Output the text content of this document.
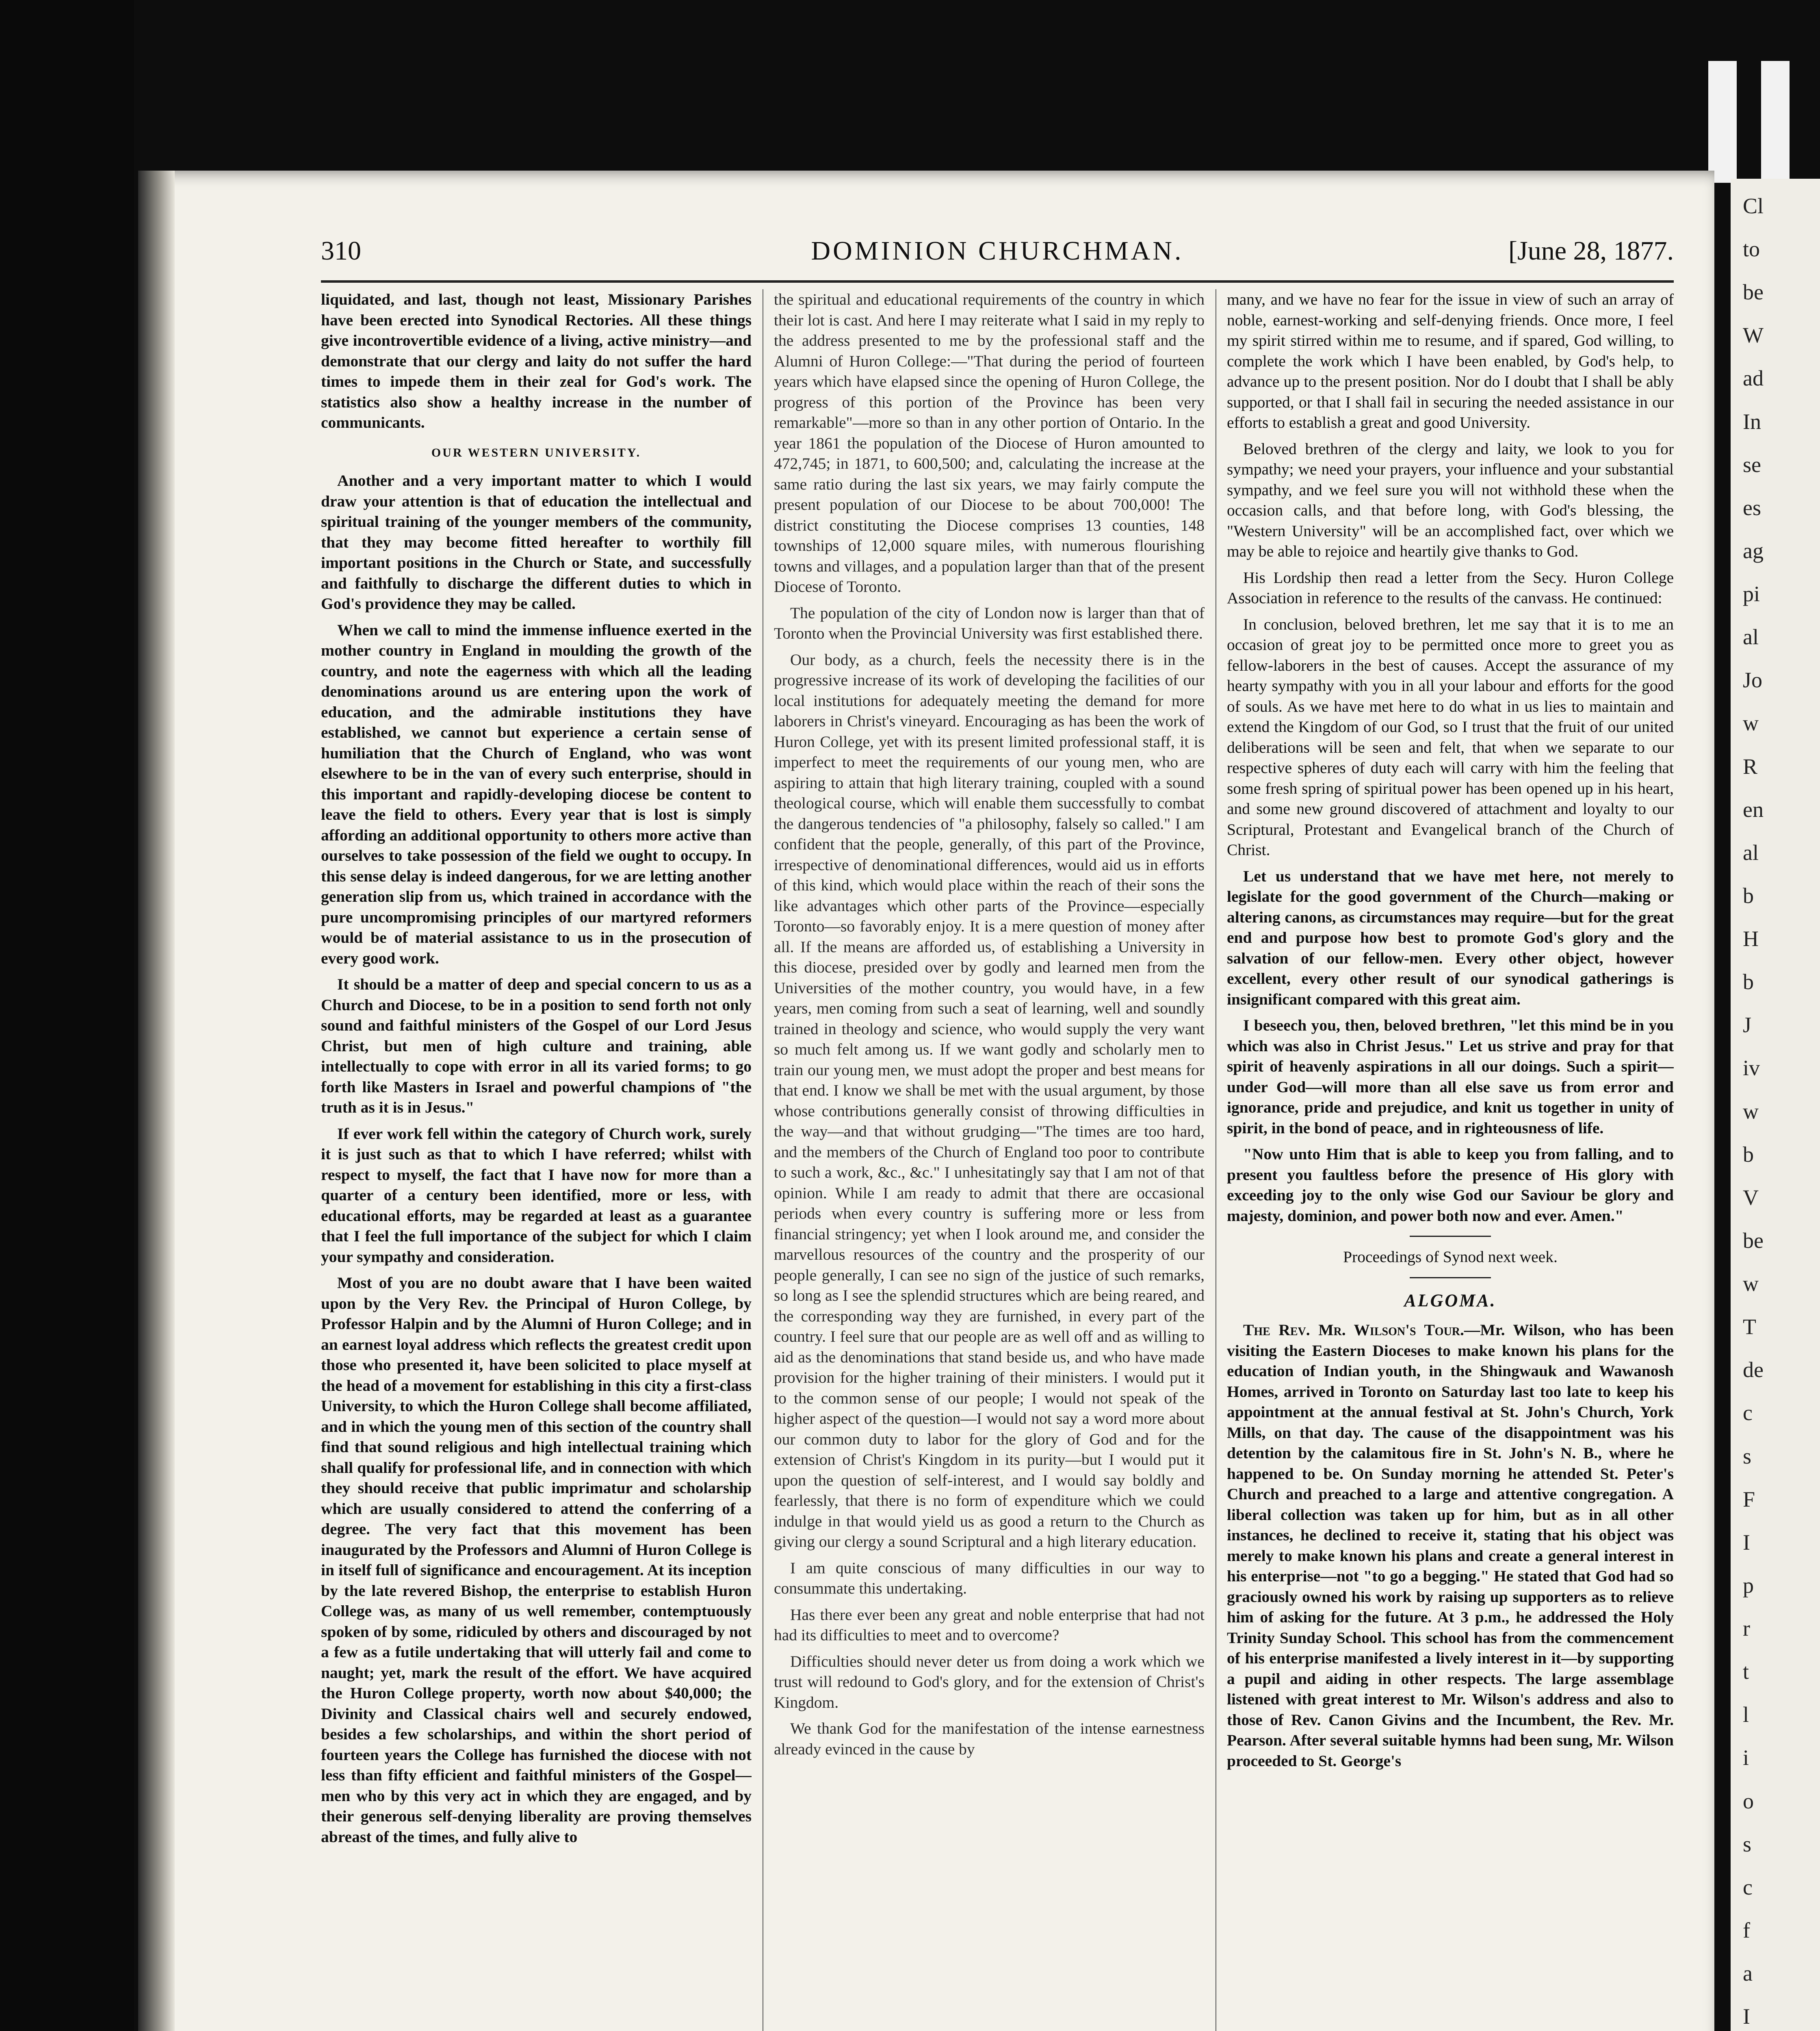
Cl
to
be
W
ad
In
se
es
ag
pi
al
Jo
w
R
en
al
b
H
b
J
iv
w
b
V
be
w
T
de
c
s
F
I
p
r
t
l
i
o
s
c
f
a
I
310	DOMINION CHURCHMAN.	[June 28, 1877.

liquidated, and last, though not least, Missionary Parishes have been erected into Synodical Rectories. All these things give incontrovertible evidence of a living, active ministry—and demonstrate that our clergy and laity do not suffer the hard times to impede them in their zeal for God's work. The statistics also show a healthy increase in the number of communicants.

OUR WESTERN UNIVERSITY.

Another and a very important matter to which I would draw your attention is that of education the intellectual and spiritual training of the younger members of the community, that they may become fitted hereafter to worthily fill important positions in the Church or State, and successfully and faithfully to discharge the different duties to which in God's providence they may be called.

When we call to mind the immense influence exerted in the mother country in England in moulding the growth of the country, and note the eagerness with which all the leading denominations around us are entering upon the work of education, and the admirable institutions they have established, we cannot but experience a certain sense of humiliation that the Church of England, who was wont elsewhere to be in the van of every such enterprise, should in this important and rapidly-developing diocese be content to leave the field to others. Every year that is lost is simply affording an additional opportunity to others more active than ourselves to take possession of the field we ought to occupy. In this sense delay is indeed dangerous, for we are letting another generation slip from us, which trained in accordance with the pure uncompromising principles of our martyred reformers would be of material assistance to us in the prosecution of every good work.

It should be a matter of deep and special concern to us as a Church and Diocese, to be in a position to send forth not only sound and faithful ministers of the Gospel of our Lord Jesus Christ, but men of high culture and training, able intellectually to cope with error in all its varied forms; to go forth like Masters in Israel and powerful champions of "the truth as it is in Jesus."

If ever work fell within the category of Church work, surely it is just such as that to which I have referred; whilst with respect to myself, the fact that I have now for more than a quarter of a century been identified, more or less, with educational efforts, may be regarded at least as a guarantee that I feel the full importance of the subject for which I claim your sympathy and consideration.

Most of you are no doubt aware that I have been waited upon by the Very Rev. the Principal of Huron College, by Professor Halpin and by the Alumni of Huron College; and in an earnest loyal address which reflects the greatest credit upon those who presented it, have been solicited to place myself at the head of a movement for establishing in this city a first-class University, to which the Huron College shall become affiliated, and in which the young men of this section of the country shall find that sound religious and high intellectual training which shall qualify for professional life, and in connection with which they should receive that public imprimatur and scholarship which are usually considered to attend the conferring of a degree. The very fact that this movement has been inaugurated by the Professors and Alumni of Huron College is in itself full of significance and encouragement. At its inception by the late revered Bishop, the enterprise to establish Huron College was, as many of us well remember, contemptuously spoken of by some, ridiculed by others and discouraged by not a few as a futile undertaking that will utterly fail and come to naught; yet, mark the result of the effort. We have acquired the Huron College property, worth now about $40,000; the Divinity and Classical chairs well and securely endowed, besides a few scholarships, and within the short period of fourteen years the College has furnished the diocese with not less than fifty efficient and faithful ministers of the Gospel—men who by this very act in which they are engaged, and by their generous self-denying liberality are proving themselves abreast of the times, and fully alive to

the spiritual and educational requirements of the country in which their lot is cast. And here I may reiterate what I said in my reply to the address presented to me by the professional staff and the Alumni of Huron College:—"That during the period of fourteen years which have elapsed since the opening of Huron College, the progress of this portion of the Province has been very remarkable"—more so than in any other portion of Ontario. In the year 1861 the population of the Diocese of Huron amounted to 472,745; in 1871, to 600,500; and, calculating the increase at the same ratio during the last six years, we may fairly compute the present population of our Diocese to be about 700,000! The district constituting the Diocese comprises 13 counties, 148 townships of 12,000 square miles, with numerous flourishing towns and villages, and a population larger than that of the present Diocese of Toronto.

The population of the city of London now is larger than that of Toronto when the Provincial University was first established there.

Our body, as a church, feels the necessity there is in the progressive increase of its work of developing the facilities of our local institutions for adequately meeting the demand for more laborers in Christ's vineyard. Encouraging as has been the work of Huron College, yet with its present limited professional staff, it is imperfect to meet the requirements of our young men, who are aspiring to attain that high literary training, coupled with a sound theological course, which will enable them successfully to combat the dangerous tendencies of "a philosophy, falsely so called." I am confident that the people, generally, of this part of the Province, irrespective of denominational differences, would aid us in efforts of this kind, which would place within the reach of their sons the like advantages which other parts of the Province—especially Toronto—so favorably enjoy. It is a mere question of money after all. If the means are afforded us, of establishing a University in this diocese, presided over by godly and learned men from the Universities of the mother country, you would have, in a few years, men coming from such a seat of learning, well and soundly trained in theology and science, who would supply the very want so much felt among us. If we want godly and scholarly men to train our young men, we must adopt the proper and best means for that end. I know we shall be met with the usual argument, by those whose contributions generally consist of throwing difficulties in the way—and that without grudging—"The times are too hard, and the members of the Church of England too poor to contribute to such a work, &c., &c." I unhesitatingly say that I am not of that opinion. While I am ready to admit that there are occasional periods when every country is suffering more or less from financial stringency; yet when I look around me, and consider the marvellous resources of the country and the prosperity of our people generally, I can see no sign of the justice of such remarks, so long as I see the splendid structures which are being reared, and the corresponding way they are furnished, in every part of the country. I feel sure that our people are as well off and as willing to aid as the denominations that stand beside us, and who have made provision for the higher training of their ministers. I would put it to the common sense of our people; I would not speak of the higher aspect of the question—I would not say a word more about our common duty to labor for the glory of God and for the extension of Christ's Kingdom in its purity—but I would put it upon the question of self-interest, and I would say boldly and fearlessly, that there is no form of expenditure which we could indulge in that would yield us as good a return to the Church as giving our clergy a sound Scriptural and a high literary education.

I am quite conscious of many difficulties in our way to consummate this undertaking.

Has there ever been any great and noble enterprise that had not had its difficulties to meet and to overcome?

Difficulties should never deter us from doing a work which we trust will redound to God's glory, and for the extension of Christ's Kingdom.

We thank God for the manifestation of the intense earnestness already evinced in the cause by

many, and we have no fear for the issue in view of such an array of noble, earnest-working and self-denying friends. Once more, I feel my spirit stirred within me to resume, and if spared, God willing, to complete the work which I have been enabled, by God's help, to advance up to the present position. Nor do I doubt that I shall be ably supported, or that I shall fail in securing the needed assistance in our efforts to establish a great and good University.

Beloved brethren of the clergy and laity, we look to you for sympathy; we need your prayers, your influence and your substantial sympathy, and we feel sure you will not withhold these when the occasion calls, and that before long, with God's blessing, the "Western University" will be an accomplished fact, over which we may be able to rejoice and heartily give thanks to God.

His Lordship then read a letter from the Secy. Huron College Association in reference to the results of the canvass. He continued:

In conclusion, beloved brethren, let me say that it is to me an occasion of great joy to be permitted once more to greet you as fellow-laborers in the best of causes. Accept the assurance of my hearty sympathy with you in all your labour and efforts for the good of souls. As we have met here to do what in us lies to maintain and extend the Kingdom of our God, so I trust that the fruit of our united deliberations will be seen and felt, that when we separate to our respective spheres of duty each will carry with him the feeling that some fresh spring of spiritual power has been opened up in his heart, and some new ground discovered of attachment and loyalty to our Scriptural, Protestant and Evangelical branch of the Church of Christ.

Let us understand that we have met here, not merely to legislate for the good government of the Church—making or altering canons, as circumstances may require—but for the great end and purpose how best to promote God's glory and the salvation of our fellow-men. Every other object, however excellent, every other result of our synodical gatherings is insignificant compared with this great aim.

I beseech you, then, beloved brethren, "let this mind be in you which was also in Christ Jesus." Let us strive and pray for that spirit of heavenly aspirations in all our doings. Such a spirit—under God—will more than all else save us from error and ignorance, pride and prejudice, and knit us together in unity of spirit, in the bond of peace, and in righteousness of life.

"Now unto Him that is able to keep you from falling, and to present you faultless before the presence of His glory with exceeding joy to the only wise God our Saviour be glory and majesty, dominion, and power both now and ever. Amen."

Proceedings of Synod next week.

ALGOMA.

The Rev. Mr. Wilson's Tour.—Mr. Wilson, who has been visiting the Eastern Dioceses to make known his plans for the education of Indian youth, in the Shingwauk and Wawanosh Homes, arrived in Toronto on Saturday last too late to keep his appointment at the annual festival at St. John's Church, York Mills, on that day. The cause of the disappointment was his detention by the calamitous fire in St. John's N. B., where he happened to be. On Sunday morning he attended St. Peter's Church and preached to a large and attentive congregation. A liberal collection was taken up for him, but as in all other instances, he declined to receive it, stating that his object was merely to make known his plans and create a general interest in his enterprise—not "to go a begging." He stated that God had so graciously owned his work by raising up supporters as to relieve him of asking for the future. At 3 p.m., he addressed the Holy Trinity Sunday School. This school has from the commencement of his enterprise manifested a lively interest in it—by supporting a pupil and aiding in other respects. The large assemblage listened with great interest to Mr. Wilson's address and also to those of Rev. Canon Givins and the Incumbent, the Rev. Mr. Pearson. After several suitable hymns had been sung, Mr. Wilson proceeded to St. George's
